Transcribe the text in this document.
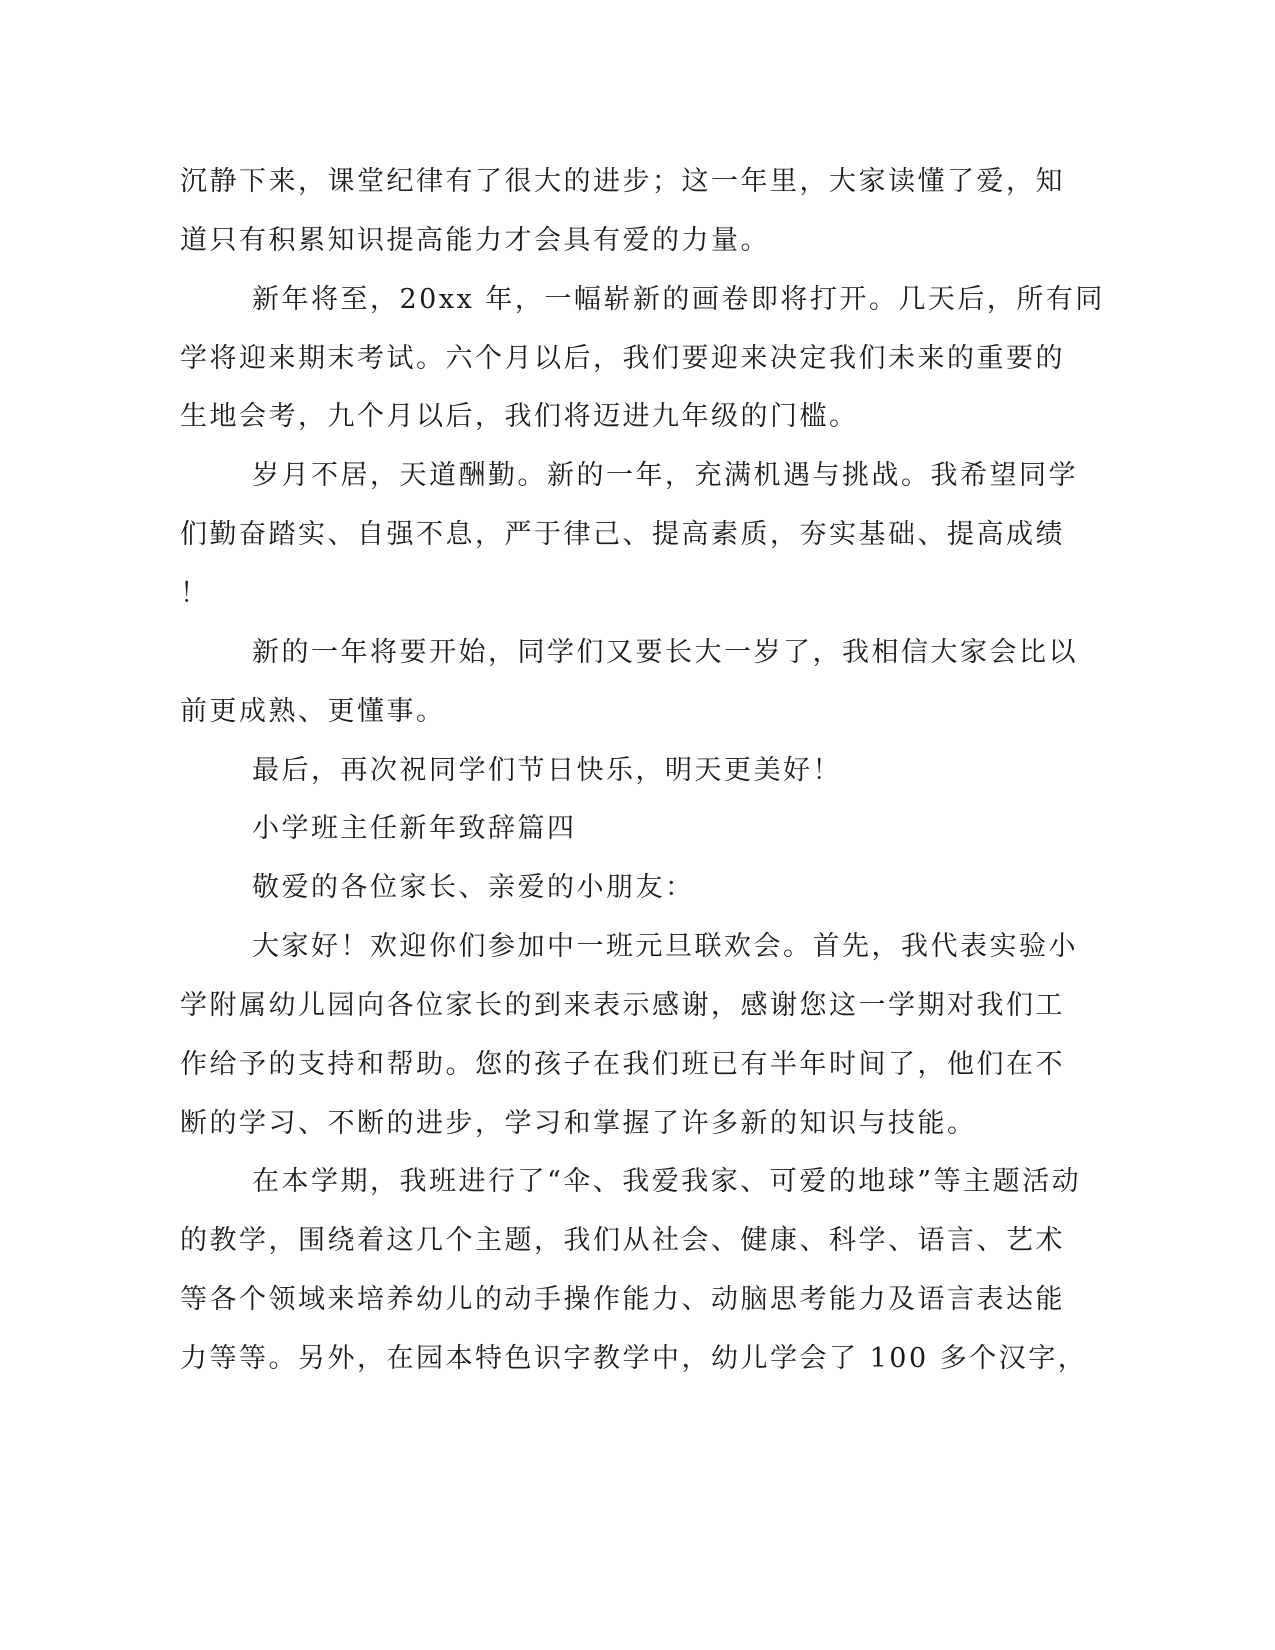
沉静下来，课堂纪律有了很大的进步；这一年里，大家读懂了爱，知
道只有积累知识提高能力才会具有爱的力量。
新年将至，20xx 年，一幅崭新的画卷即将打开。几天后，所有同
学将迎来期末考试。六个月以后，我们要迎来决定我们未来的重要的
生地会考，九个月以后，我们将迈进九年级的门槛。
岁月不居，天道酬勤。新的一年，充满机遇与挑战。我希望同学
们勤奋踏实、自强不息，严于律己、提高素质，夯实基础、提高成绩
！
新的一年将要开始，同学们又要长大一岁了，我相信大家会比以
前更成熟、更懂事。
最后，再次祝同学们节日快乐，明天更美好！
小学班主任新年致辞篇四
敬爱的各位家长、亲爱的小朋友：
大家好！欢迎你们参加中一班元旦联欢会。首先，我代表实验小
学附属幼儿园向各位家长的到来表示感谢，感谢您这一学期对我们工
作给予的支持和帮助。您的孩子在我们班已有半年时间了，他们在不
断的学习、不断的进步，学习和掌握了许多新的知识与技能。
在本学期，我班进行了“伞、我爱我家、可爱的地球”等主题活动
的教学，围绕着这几个主题，我们从社会、健康、科学、语言、艺术
等各个领域来培养幼儿的动手操作能力、动脑思考能力及语言表达能
力等等。另外，在园本特色识字教学中，幼儿学会了 100 多个汉字，
